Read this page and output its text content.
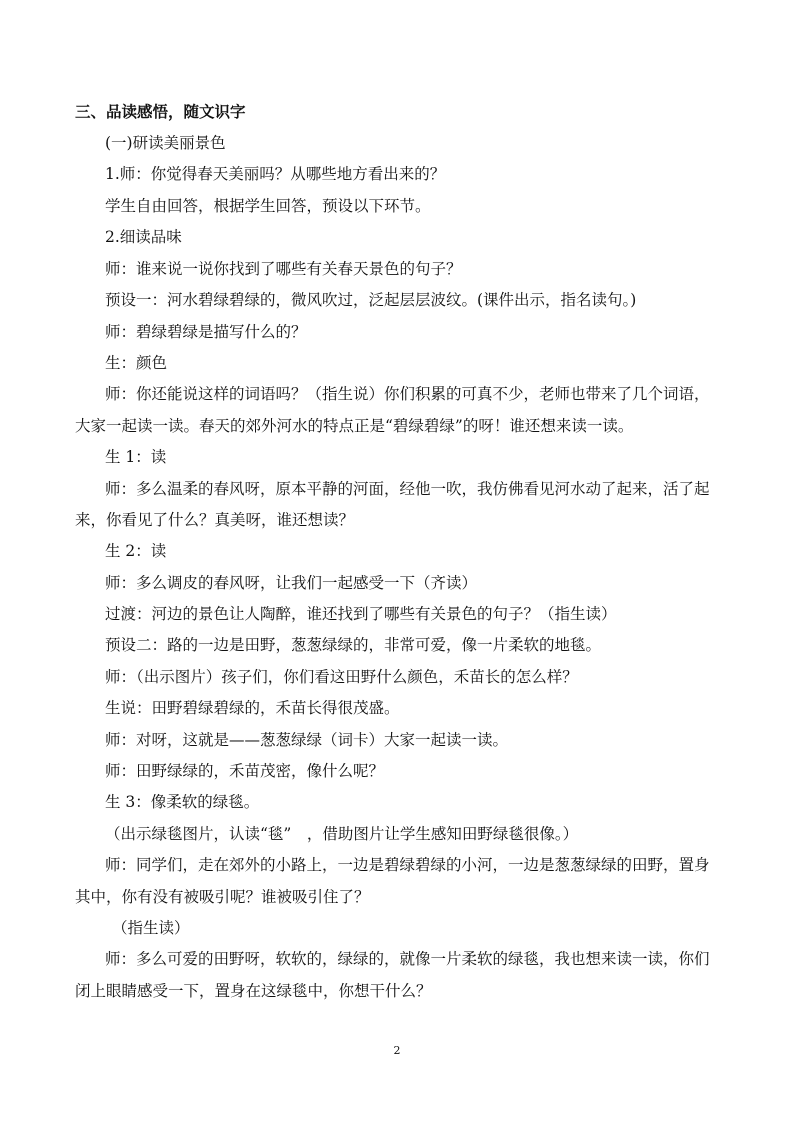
三、品读感悟，随文识字
(一)研读美丽景色
1.师：你觉得春天美丽吗？从哪些地方看出来的？
学生自由回答，根据学生回答，预设以下环节。
2.细读品味
师：谁来说一说你找到了哪些有关春天景色的句子？
预设一：河水碧绿碧绿的，微风吹过，泛起层层波纹。(课件出示，指名读句。)
师：碧绿碧绿是描写什么的？
生：颜色
师：你还能说这样的词语吗？（指生说）你们积累的可真不少，老师也带来了几个词语，
大家一起读一读。春天的郊外河水的特点正是“碧绿碧绿”的呀！谁还想来读一读。
生 1：读
师：多么温柔的春风呀，原本平静的河面，经他一吹，我仿佛看见河水动了起来，活了起
来，你看见了什么？真美呀，谁还想读？
生 2：读
师：多么调皮的春风呀，让我们一起感受一下（齐读）
过渡：河边的景色让人陶醉，谁还找到了哪些有关景色的句子？（指生读）
预设二：路的一边是田野，葱葱绿绿的，非常可爱，像一片柔软的地毯。
师：（出示图片）孩子们，你们看这田野什么颜色，禾苗长的怎么样？
生说：田野碧绿碧绿的，禾苗长得很茂盛。
师：对呀，这就是——葱葱绿绿（词卡）大家一起读一读。
师：田野绿绿的，禾苗茂密，像什么呢？
生 3：像柔软的绿毯。
（出示绿毯图片，认读“毯”　，借助图片让学生感知田野绿毯很像。）
师：同学们，走在郊外的小路上，一边是碧绿碧绿的小河，一边是葱葱绿绿的田野，置身
其中，你有没有被吸引呢？谁被吸引住了？
（指生读）
师：多么可爱的田野呀，软软的，绿绿的，就像一片柔软的绿毯，我也想来读一读，你们
闭上眼睛感受一下，置身在这绿毯中，你想干什么？
2
